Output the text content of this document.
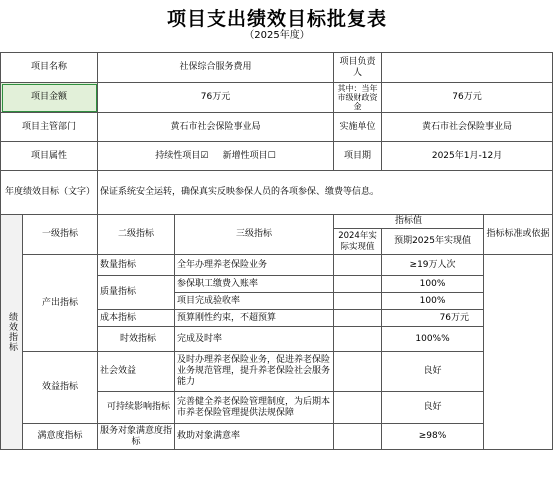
项目支出绩效目标批复表
（2025年度）
项目名称		社保综合服务费用		项目负责人			
项目金额		76万元		其中：当年市级财政资金	76万元		
项目主管部门		黄石市社会保险事业局		实施单位	黄石市社会保险事业局		
项目属性		持续性项目☑     新增性项目☐		项目期	2025年1月-12月		
年度绩效目标（文字）		保证系统安全运转，确保真实反映参保人员的各项参保、缴费等信息。					

绩效指标	一级指标	二级指标	三级指标	指标值		指标标准或依据	
				2024年实际实现值	预期2025年实现值		
	产出指标	数量指标	全年办理养老保险业务		≥19万人次		
		质量指标	参保职工缴费入账率		100%		
			项目完成验收率		100%		
		成本指标	预算刚性约束，不超预算		76万元		
		时效指标	完成及时率		100%%		
	效益指标	社会效益	及时办理养老保险业务，促进养老保险业务规范管理，提升养老保险社会服务能力		良好		
		可持续影响指标	完善健全养老保险管理制度，为后期本市养老保险管理提供法规保障		良好		
	满意度指标	服务对象满意度指标	救助对象满意率		≥98%		
